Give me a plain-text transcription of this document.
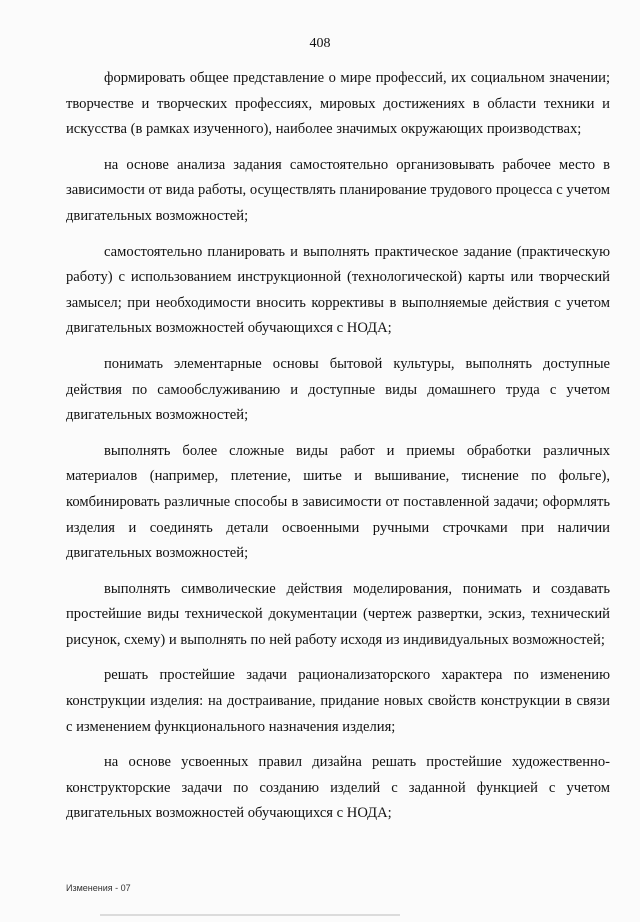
408

формировать общее представление о мире профессий, их социальном значении; творчестве и творческих профессиях, мировых достижениях в области техники и искусства (в рамках изученного), наиболее значимых окружающих производствах;

на основе анализа задания самостоятельно организовывать рабочее место в зависимости от вида работы, осуществлять планирование трудового процесса с учетом двигательных возможностей;

самостоятельно планировать и выполнять практическое задание (практическую работу) с использованием инструкционной (технологической) карты или творческий замысел; при необходимости вносить коррективы в выполняемые действия с учетом двигательных возможностей обучающихся с НОДА;

понимать элементарные основы бытовой культуры, выполнять доступные действия по самообслуживанию и доступные виды домашнего труда с учетом двигательных возможностей;

выполнять более сложные виды работ и приемы обработки различных материалов (например, плетение, шитье и вышивание, тиснение по фольге), комбинировать различные способы в зависимости от поставленной задачи; оформлять изделия и соединять детали освоенными ручными строчками при наличии двигательных возможностей;

выполнять символические действия моделирования, понимать и создавать простейшие виды технической документации (чертеж развертки, эскиз, технический рисунок, схему) и выполнять по ней работу исходя из индивидуальных возможностей;

решать простейшие задачи рационализаторского характера по изменению конструкции изделия: на достраивание, придание новых свойств конструкции в связи с изменением функционального назначения изделия;

на основе усвоенных правил дизайна решать простейшие художественно-конструкторские задачи по созданию изделий с заданной функцией с учетом двигательных возможностей обучающихся с НОДА;

Изменения - 07
